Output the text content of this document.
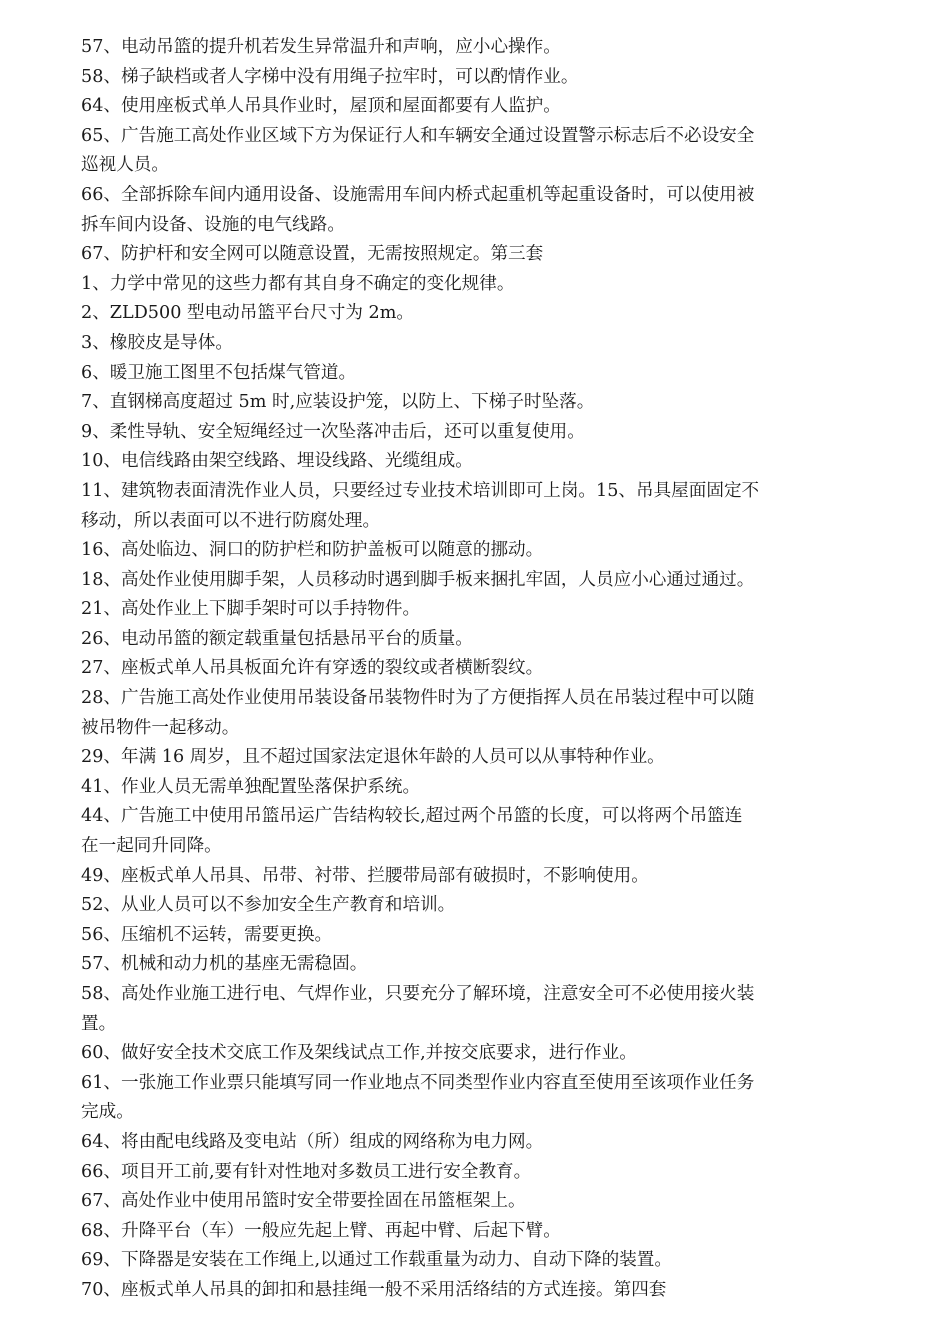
57、电动吊篮的提升机若发生异常温升和声响，应小心操作。
58、梯子缺档或者人字梯中没有用绳子拉牢时，可以酌情作业。
64、使用座板式单人吊具作业时，屋顶和屋面都要有人监护。
65、广告施工高处作业区域下方为保证行人和车辆安全通过设置警示标志后不必设安全
巡视人员。
66、全部拆除车间内通用设备、设施需用车间内桥式起重机等起重设备时，可以使用被
拆车间内设备、设施的电气线路。
67、防护杆和安全网可以随意设置，无需按照规定。第三套
1、力学中常见的这些力都有其自身不确定的变化规律。
2、ZLD500 型电动吊篮平台尺寸为 2m。
3、橡胶皮是导体。
6、暖卫施工图里不包括煤气管道。
7、直钢梯高度超过 5m 时,应装设护笼，以防上、下梯子时坠落。
9、柔性导轨、安全短绳经过一次坠落冲击后，还可以重复使用。
10、电信线路由架空线路、埋设线路、光缆组成。
11、建筑物表面清洗作业人员，只要经过专业技术培训即可上岗。15、吊具屋面固定不
移动，所以表面可以不进行防腐处理。
16、高处临边、洞口的防护栏和防护盖板可以随意的挪动。
18、高处作业使用脚手架，人员移动时遇到脚手板来捆扎牢固，人员应小心通过通过。
21、高处作业上下脚手架时可以手持物件。
26、电动吊篮的额定载重量包括悬吊平台的质量。
27、座板式单人吊具板面允许有穿透的裂纹或者横断裂纹。
28、广告施工高处作业使用吊装设备吊装物件时为了方便指挥人员在吊装过程中可以随
被吊物件一起移动。
29、年满 16 周岁，且不超过国家法定退休年龄的人员可以从事特种作业。
41、作业人员无需单独配置坠落保护系统。
44、广告施工中使用吊篮吊运广告结构较长,超过两个吊篮的长度，可以将两个吊篮连
在一起同升同降。
49、座板式单人吊具、吊带、衬带、拦腰带局部有破损时，不影响使用。
52、从业人员可以不参加安全生产教育和培训。
56、压缩机不运转，需要更换。
57、机械和动力机的基座无需稳固。
58、高处作业施工进行电、气焊作业，只要充分了解环境，注意安全可不必使用接火装
置。
60、做好安全技术交底工作及架线试点工作,并按交底要求，进行作业。
61、一张施工作业票只能填写同一作业地点不同类型作业内容直至使用至该项作业任务
完成。
64、将由配电线路及变电站（所）组成的网络称为电力网。
66、项目开工前,要有针对性地对多数员工进行安全教育。
67、高处作业中使用吊篮时安全带要拴固在吊篮框架上。
68、升降平台（车）一般应先起上臂、再起中臂、后起下臂。
69、下降器是安装在工作绳上,以通过工作载重量为动力、自动下降的装置。
70、座板式单人吊具的卸扣和悬挂绳一般不采用活络结的方式连接。第四套
